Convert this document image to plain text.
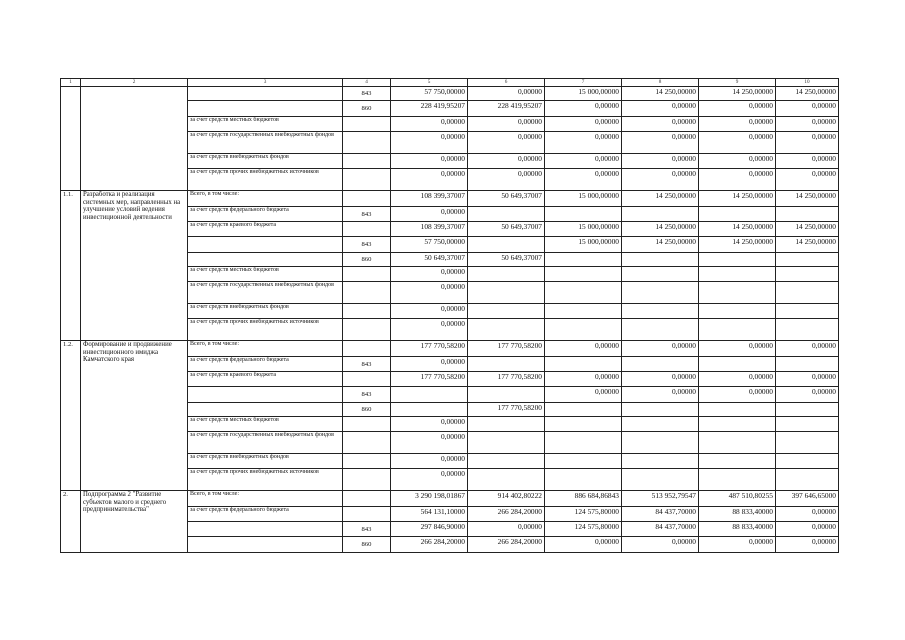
1	2	3	4	5	6	7	8	9	10
			843	57 750,00000	0,00000	15 000,00000	14 250,00000	14 250,00000	14 250,00000
			860	228 419,95207	228 419,95207	0,00000	0,00000	0,00000	0,00000
		за счет средств местных бюджетов		0,00000	0,00000	0,00000	0,00000	0,00000	0,00000
		за счет средств государственных внебюджетных фондов		0,00000	0,00000	0,00000	0,00000	0,00000	0,00000
		за счет средств внебюджетных фондов		0,00000	0,00000	0,00000	0,00000	0,00000	0,00000
		за счет средств прочих внебюджетных источников		0,00000	0,00000	0,00000	0,00000	0,00000	0,00000
1.1.	Разработка и реализация системных мер, направленных на улучшение условий ведения инвестиционной деятельности	Всего, в том числе:		108 399,37007	50 649,37007	15 000,00000	14 250,00000	14 250,00000	14 250,00000
		за счет средств федерального бюджета	843	0,00000					
		за счет средств краевого бюджета		108 399,37007	50 649,37007	15 000,00000	14 250,00000	14 250,00000	14 250,00000
			843	57 750,00000		15 000,00000	14 250,00000	14 250,00000	14 250,00000
			860	50 649,37007	50 649,37007				
		за счет средств местных бюджетов		0,00000					
		за счет средств государственных внебюджетных фондов		0,00000					
		за счет средств внебюджетных фондов		0,00000					
		за счет средств прочих внебюджетных источников		0,00000					
1.2.	Формирование и продвижение инвестиционного имиджа Камчатского края	Всего, в том числе:		177 770,58200	177 770,58200	0,00000	0,00000	0,00000	0,00000
		за счет средств федерального бюджета	843	0,00000					
		за счет средств краевого бюджета		177 770,58200	177 770,58200	0,00000	0,00000	0,00000	0,00000
			843			0,00000	0,00000	0,00000	0,00000
			860		177 770,58200				
		за счет средств местных бюджетов		0,00000					
		за счет средств государственных внебюджетных фондов		0,00000					
		за счет средств внебюджетных фондов		0,00000					
		за счет средств прочих внебюджетных источников		0,00000					
2.	Подпрограмма 2 "Развитие субъектов малого и среднего предпринимательства"	Всего, в том числе:		3 290 198,01867	914 402,80222	886 684,86843	513 952,79547	487 510,80255	397 646,65000
		за счет средств федерального бюджета		564 131,10000	266 284,20000	124 575,80000	84 437,70000	88 833,40000	0,00000
			843	297 846,90000	0,00000	124 575,80000	84 437,70000	88 833,40000	0,00000
			860	266 284,20000	266 284,20000	0,00000	0,00000	0,00000	0,00000
